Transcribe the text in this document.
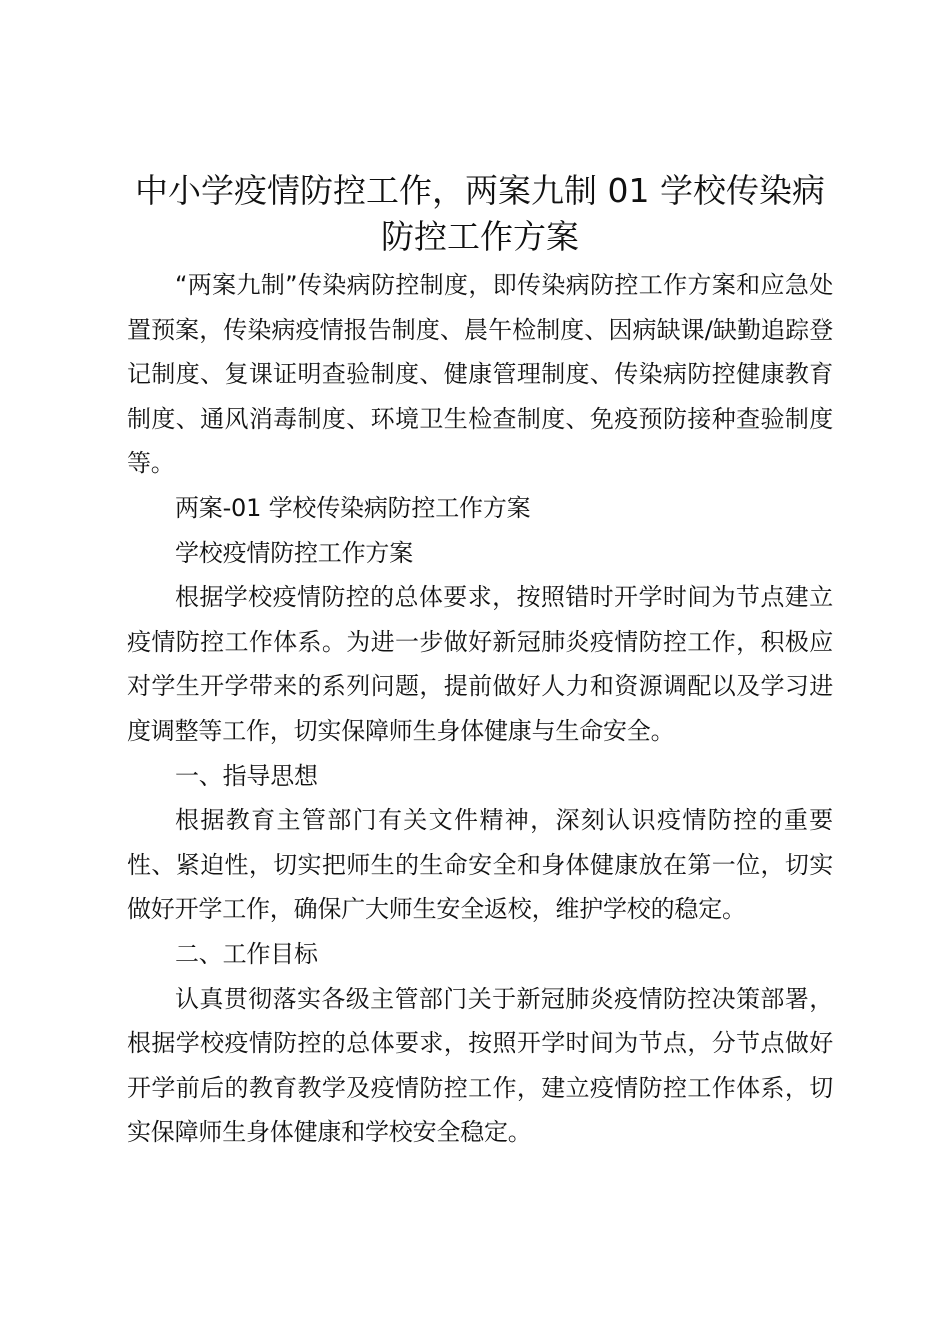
中小学疫情防控工作，两案九制 01 学校传染病防控工作方案

“两案九制”传染病防控制度，即传染病防控工作方案和应急处置预案，传染病疫情报告制度、晨午检制度、因病缺课/缺勤追踪登记制度、复课证明查验制度、健康管理制度、传染病防控健康教育制度、通风消毒制度、环境卫生检查制度、免疫预防接种查验制度等。

两案-01 学校传染病防控工作方案

学校疫情防控工作方案

根据学校疫情防控的总体要求，按照错时开学时间为节点建立疫情防控工作体系。为进一步做好新冠肺炎疫情防控工作，积极应对学生开学带来的系列问题，提前做好人力和资源调配以及学习进度调整等工作，切实保障师生身体健康与生命安全。

一、指导思想

根据教育主管部门有关文件精神，深刻认识疫情防控的重要性、紧迫性，切实把师生的生命安全和身体健康放在第一位，切实做好开学工作，确保广大师生安全返校，维护学校的稳定。

二、工作目标

认真贯彻落实各级主管部门关于新冠肺炎疫情防控决策部署，根据学校疫情防控的总体要求，按照开学时间为节点，分节点做好开学前后的教育教学及疫情防控工作，建立疫情防控工作体系，切实保障师生身体健康和学校安全稳定。
